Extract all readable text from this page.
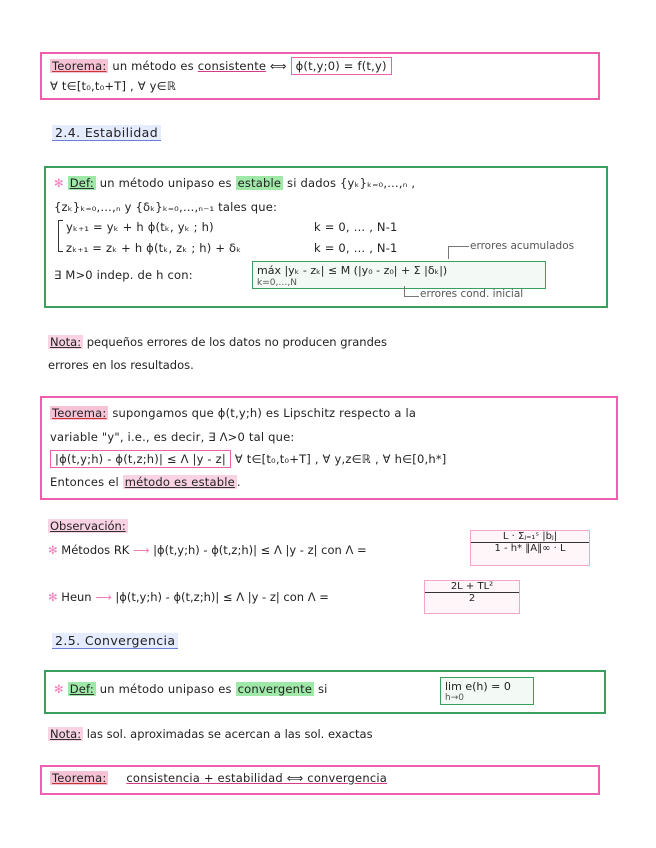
Teorema: un método es consistente ⟺ ϕ(t,y;0) = f(t,y)
∀ t∈[t₀,t₀+T] , ∀ y∈ℝ
2.4. Estabilidad
✻ Def: un método unipaso es estable si dados {yₖ}ₖ₌₀,…,ₙ ,
{zₖ}ₖ₌₀,…,ₙ y {δₖ}ₖ₌₀,…,ₙ₋₁ tales que:
yₖ₊₁ = yₖ + h ϕ(tₖ, yₖ ; h)	k = 0, … , N-1
zₖ₊₁ = zₖ + h ϕ(tₖ, zₖ ; h) + δₖ	k = 0, … , N-1
∃ M>0 indep. de h con:	máx |yₖ - zₖ| ≤ M (|y₀ - z₀| + Σ |δₖ|)
k=0,…,N
errores acumulados
errores cond. inicial
Nota: pequeños errores de los datos no producen grandes
errores en los resultados.
Teorema: supongamos que ϕ(t,y;h) es Lipschitz respecto a la
variable "y", i.e., es decir, ∃ Λ>0 tal que:
|ϕ(t,y;h) - ϕ(t,z;h)| ≤ Λ |y - z| ∀ t∈[t₀,t₀+T] , ∀ y,z∈ℝ , ∀ h∈[0,h*]
Entonces el método es estable .
Observación:
✻ Métodos RK ⟶ |ϕ(t,y;h) - ϕ(t,z;h)| ≤ Λ |y - z| con Λ =
L · Σⱼ₌₁ˢ |bⱼ|
1 - h* ‖A‖∞ · L
✻ Heun ⟶ |ϕ(t,y;h) - ϕ(t,z;h)| ≤ Λ |y - z| con Λ =
2L + TL²
2
2.5. Convergencia
✻ Def: un método unipaso es convergente si	lim e(h) = 0
h→0
Nota: las sol. aproximadas se acercan a las sol. exactas
Teorema: consistencia + estabilidad ⟺ convergencia
